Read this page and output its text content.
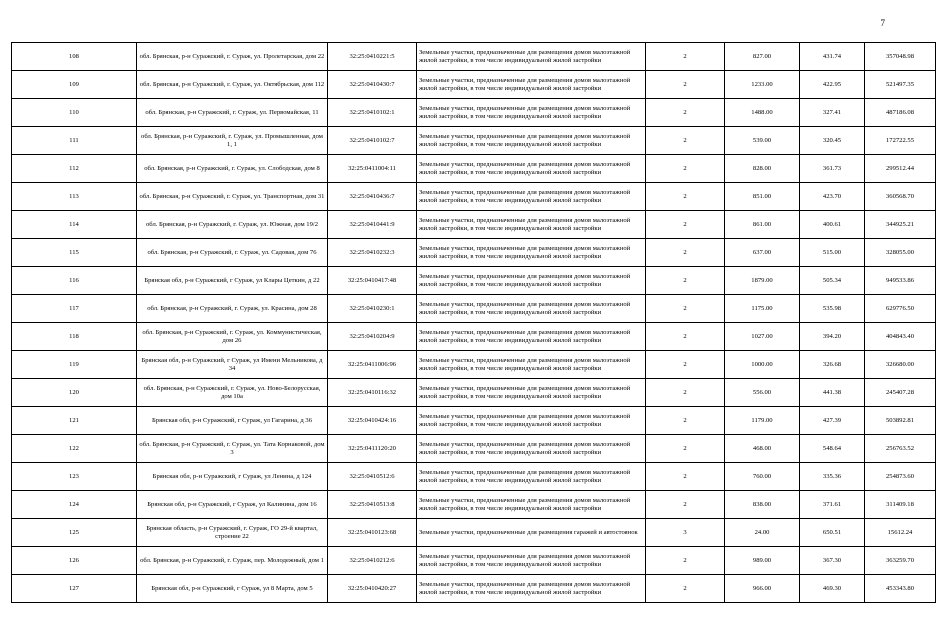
7
108	обл. Брянская, р-н Суражский, г. Сураж, ул. Пролетарская, дом 22	32:25:0410221:5	Земельные участки, предназначенные для размещения домов малоэтажной жилой застройки, в том числе индивидуальной жилой застройки	2	827.00	431.74	357048.98
109	обл. Брянская, р-н Суражский, г. Сураж, ул. Октябрьская, дом 112	32:25:0410430:7	Земельные участки, предназначенные для размещения домов малоэтажной жилой застройки, в том числе индивидуальной жилой застройки	2	1233.00	422.95	521497.35
110	обл. Брянская, р-н Суражский, г. Сураж, ул. Первомайская, 11	32:25:0410102:1	Земельные участки, предназначенные для размещения домов малоэтажной жилой застройки, в том числе индивидуальной жилой застройки	2	1488.00	327.41	487186.08
111	обл. Брянская, р-н Суражский, г. Сураж, ул. Промышленная, дом 1, 1	32:25:0410102:7	Земельные участки, предназначенные для размещения домов малоэтажной жилой застройки, в том числе индивидуальной жилой застройки	2	539.00	320.45	172722.55
112	обл. Брянская, р-н Суражский, г. Сураж, ул. Слободская, дом 8	32:25:0411004:11	Земельные участки, предназначенные для размещения домов малоэтажной жилой застройки, в том числе индивидуальной жилой застройки	2	828.00	361.73	299512.44
113	обл. Брянская, р-н Суражский, г. Сураж, ул. Транспортная, дом 31	32:25:0410436:7	Земельные участки, предназначенные для размещения домов малоэтажной жилой застройки, в том числе индивидуальной жилой застройки	2	851.00	423.70	360568.70
114	обл. Брянская, р-н Суражский, г. Сураж, ул. Южная, дом 19/2	32:25:0410441:9	Земельные участки, предназначенные для размещения домов малоэтажной жилой застройки, в том числе индивидуальной жилой застройки	2	861.00	400.61	344925.21
115	обл. Брянская, р-н Суражский, г. Сураж, ул. Садовая, дом 76	32:25:0410232:3	Земельные участки, предназначенные для размещения домов малоэтажной жилой застройки, в том числе индивидуальной жилой застройки	2	637.00	515.00	328055.00
116	Брянская обл, р-н Суражский, г Сураж, ул Клары Цеткин, д 22	32:25:0410417:48	Земельные участки, предназначенные для размещения домов малоэтажной жилой застройки, в том числе индивидуальной жилой застройки	2	1879.00	505.34	949533.86
117	обл. Брянская, р-н Суражский, г. Сураж, ул. Красина, дом 28	32:25:0410230:1	Земельные участки, предназначенные для размещения домов малоэтажной жилой застройки, в том числе индивидуальной жилой застройки	2	1175.00	535.98	629776.50
118	обл. Брянская, р-н Суражский, г. Сураж, ул. Коммунистическая, дом 26	32:25:0410204:9	Земельные участки, предназначенные для размещения домов малоэтажной жилой застройки, в том числе индивидуальной жилой застройки	2	1027.00	394.20	404843.40
119	Брянская обл, р-н Суражский, г Сураж, ул Имени Мельникова, д 34	32:25:0411006:96	Земельные участки, предназначенные для размещения домов малоэтажной жилой застройки, в том числе индивидуальной жилой застройки	2	1000.00	326.68	326680.00
120	обл. Брянская, р-н Суражский, г. Сураж, ул. Ново-Белорусская, дом 10а	32:25:0410116:32	Земельные участки, предназначенные для размещения домов малоэтажной жилой застройки, в том числе индивидуальной жилой застройки	2	556.00	441.38	245407.28
121	Брянская обл, р-н Суражский, г Сураж, ул Гагарина, д 36	32:25:0410424:16	Земельные участки, предназначенные для размещения домов малоэтажной жилой застройки, в том числе индивидуальной жилой застройки	2	1179.00	427.39	503892.81
122	обл. Брянская, р-н Суражский, г. Сураж, ул. Тата Корнаковой, дом 3	32:25:0411120:20	Земельные участки, предназначенные для размещения домов малоэтажной жилой застройки, в том числе индивидуальной жилой застройки	2	468.00	548.64	256763.52
123	Брянская обл, р-н Суражский, г Сураж, ул Ленина, д 124	32:25:0410512:6	Земельные участки, предназначенные для размещения домов малоэтажной жилой застройки, в том числе индивидуальной жилой застройки	2	760.00	335.36	254873.60
124	Брянская обл, р-н Суражский, г Сураж, ул Калинина, дом 16	32:25:0410513:8	Земельные участки, предназначенные для размещения домов малоэтажной жилой застройки, в том числе индивидуальной жилой застройки	2	838.00	371.61	311409.18
125	Брянская область, р-н Суражский, г. Сураж, ГО 29-й квартал, строение 22	32:25:0410123:68	Земельные участки, предназначенные для размещения гаражей и автостоянок	3	24.00	650.51	15612.24
126	обл. Брянская, р-н Суражский, г. Сураж, пер. Молодежный, дом 1	32:25:0410212:6	Земельные участки, предназначенные для размещения домов малоэтажной жилой застройки, в том числе индивидуальной жилой застройки	2	989.00	367.30	363259.70
127	Брянская обл, р-н Суражский, г Сураж, ул 8 Марта, дом 5	32:25:0410420:27	Земельные участки, предназначенные для размещения домов малоэтажной жилой застройки, в том числе индивидуальной жилой застройки	2	966.00	469.30	453343.80
